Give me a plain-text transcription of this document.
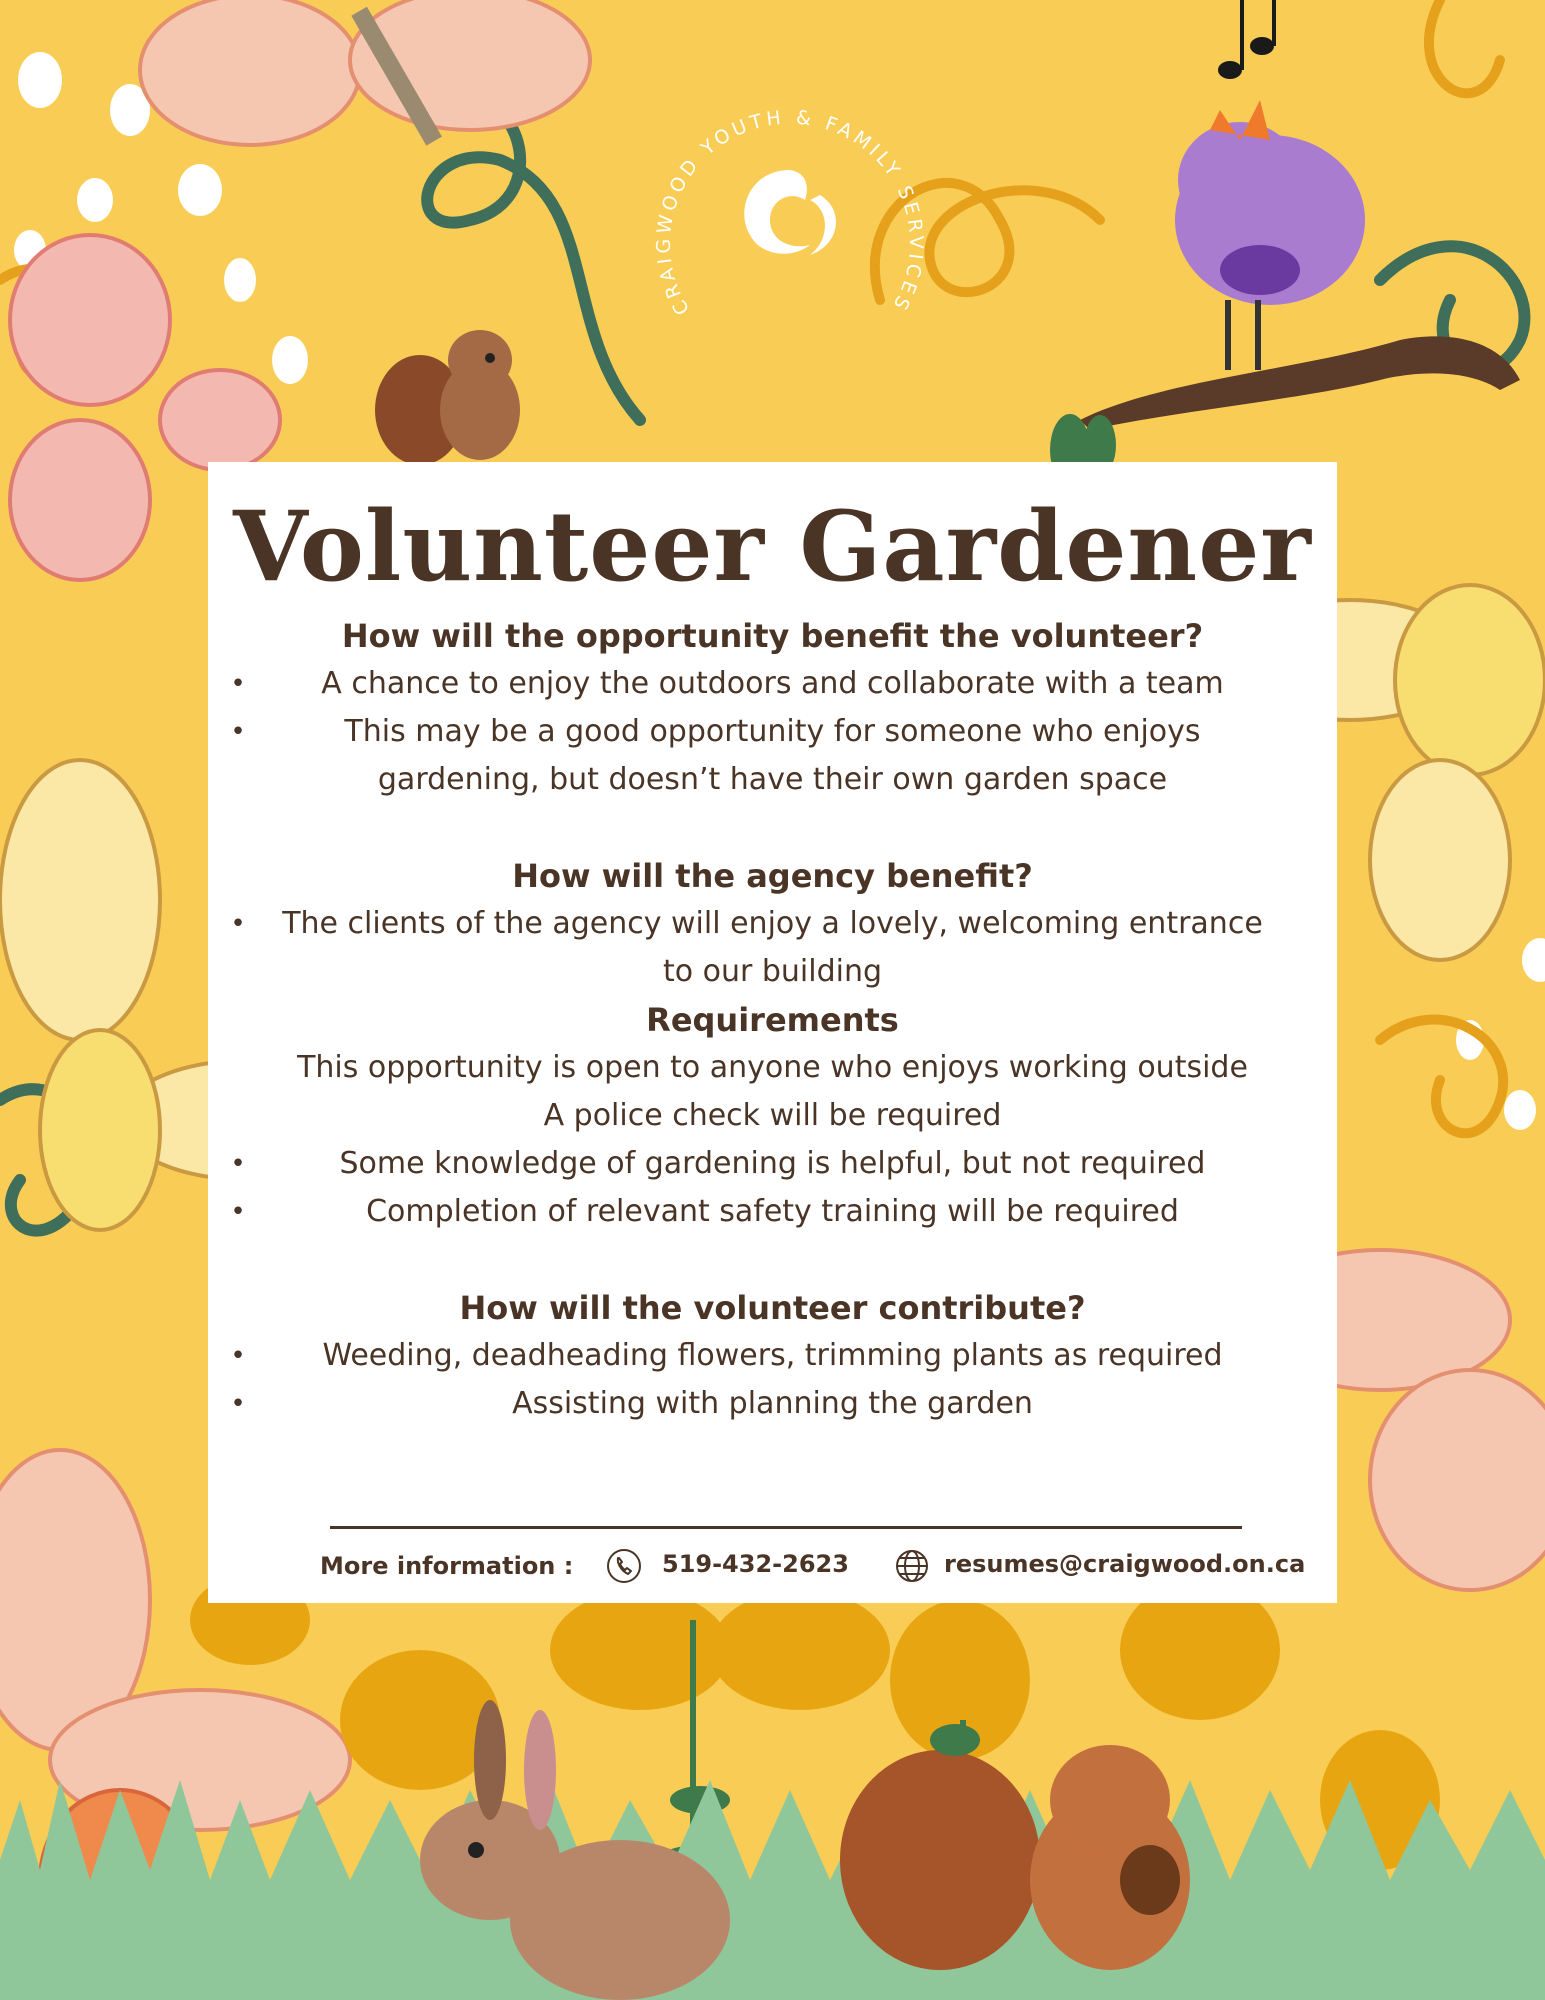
CRAIGWOOD YOUTH & FAMILY SERVICES
Volunteer Gardener
How will the opportunity benefit the volunteer?
•	A chance to enjoy the outdoors and collaborate with a team
•	This may be a good opportunity for someone who enjoys gardening, but doesn’t have their own garden space
How will the agency benefit?
• The clients of the agency will enjoy a lovely, welcoming entrance to our building
Requirements
This opportunity is open to anyone who enjoys working outside
A police check will be required
•	Some knowledge of gardening is helpful, but not required
•	Completion of relevant safety training will be required
How will the volunteer contribute?
•	Weeding, deadheading flowers, trimming plants as required
•	Assisting with planning the garden
More information :	519-432-2623	resumes@craigwood.on.ca
